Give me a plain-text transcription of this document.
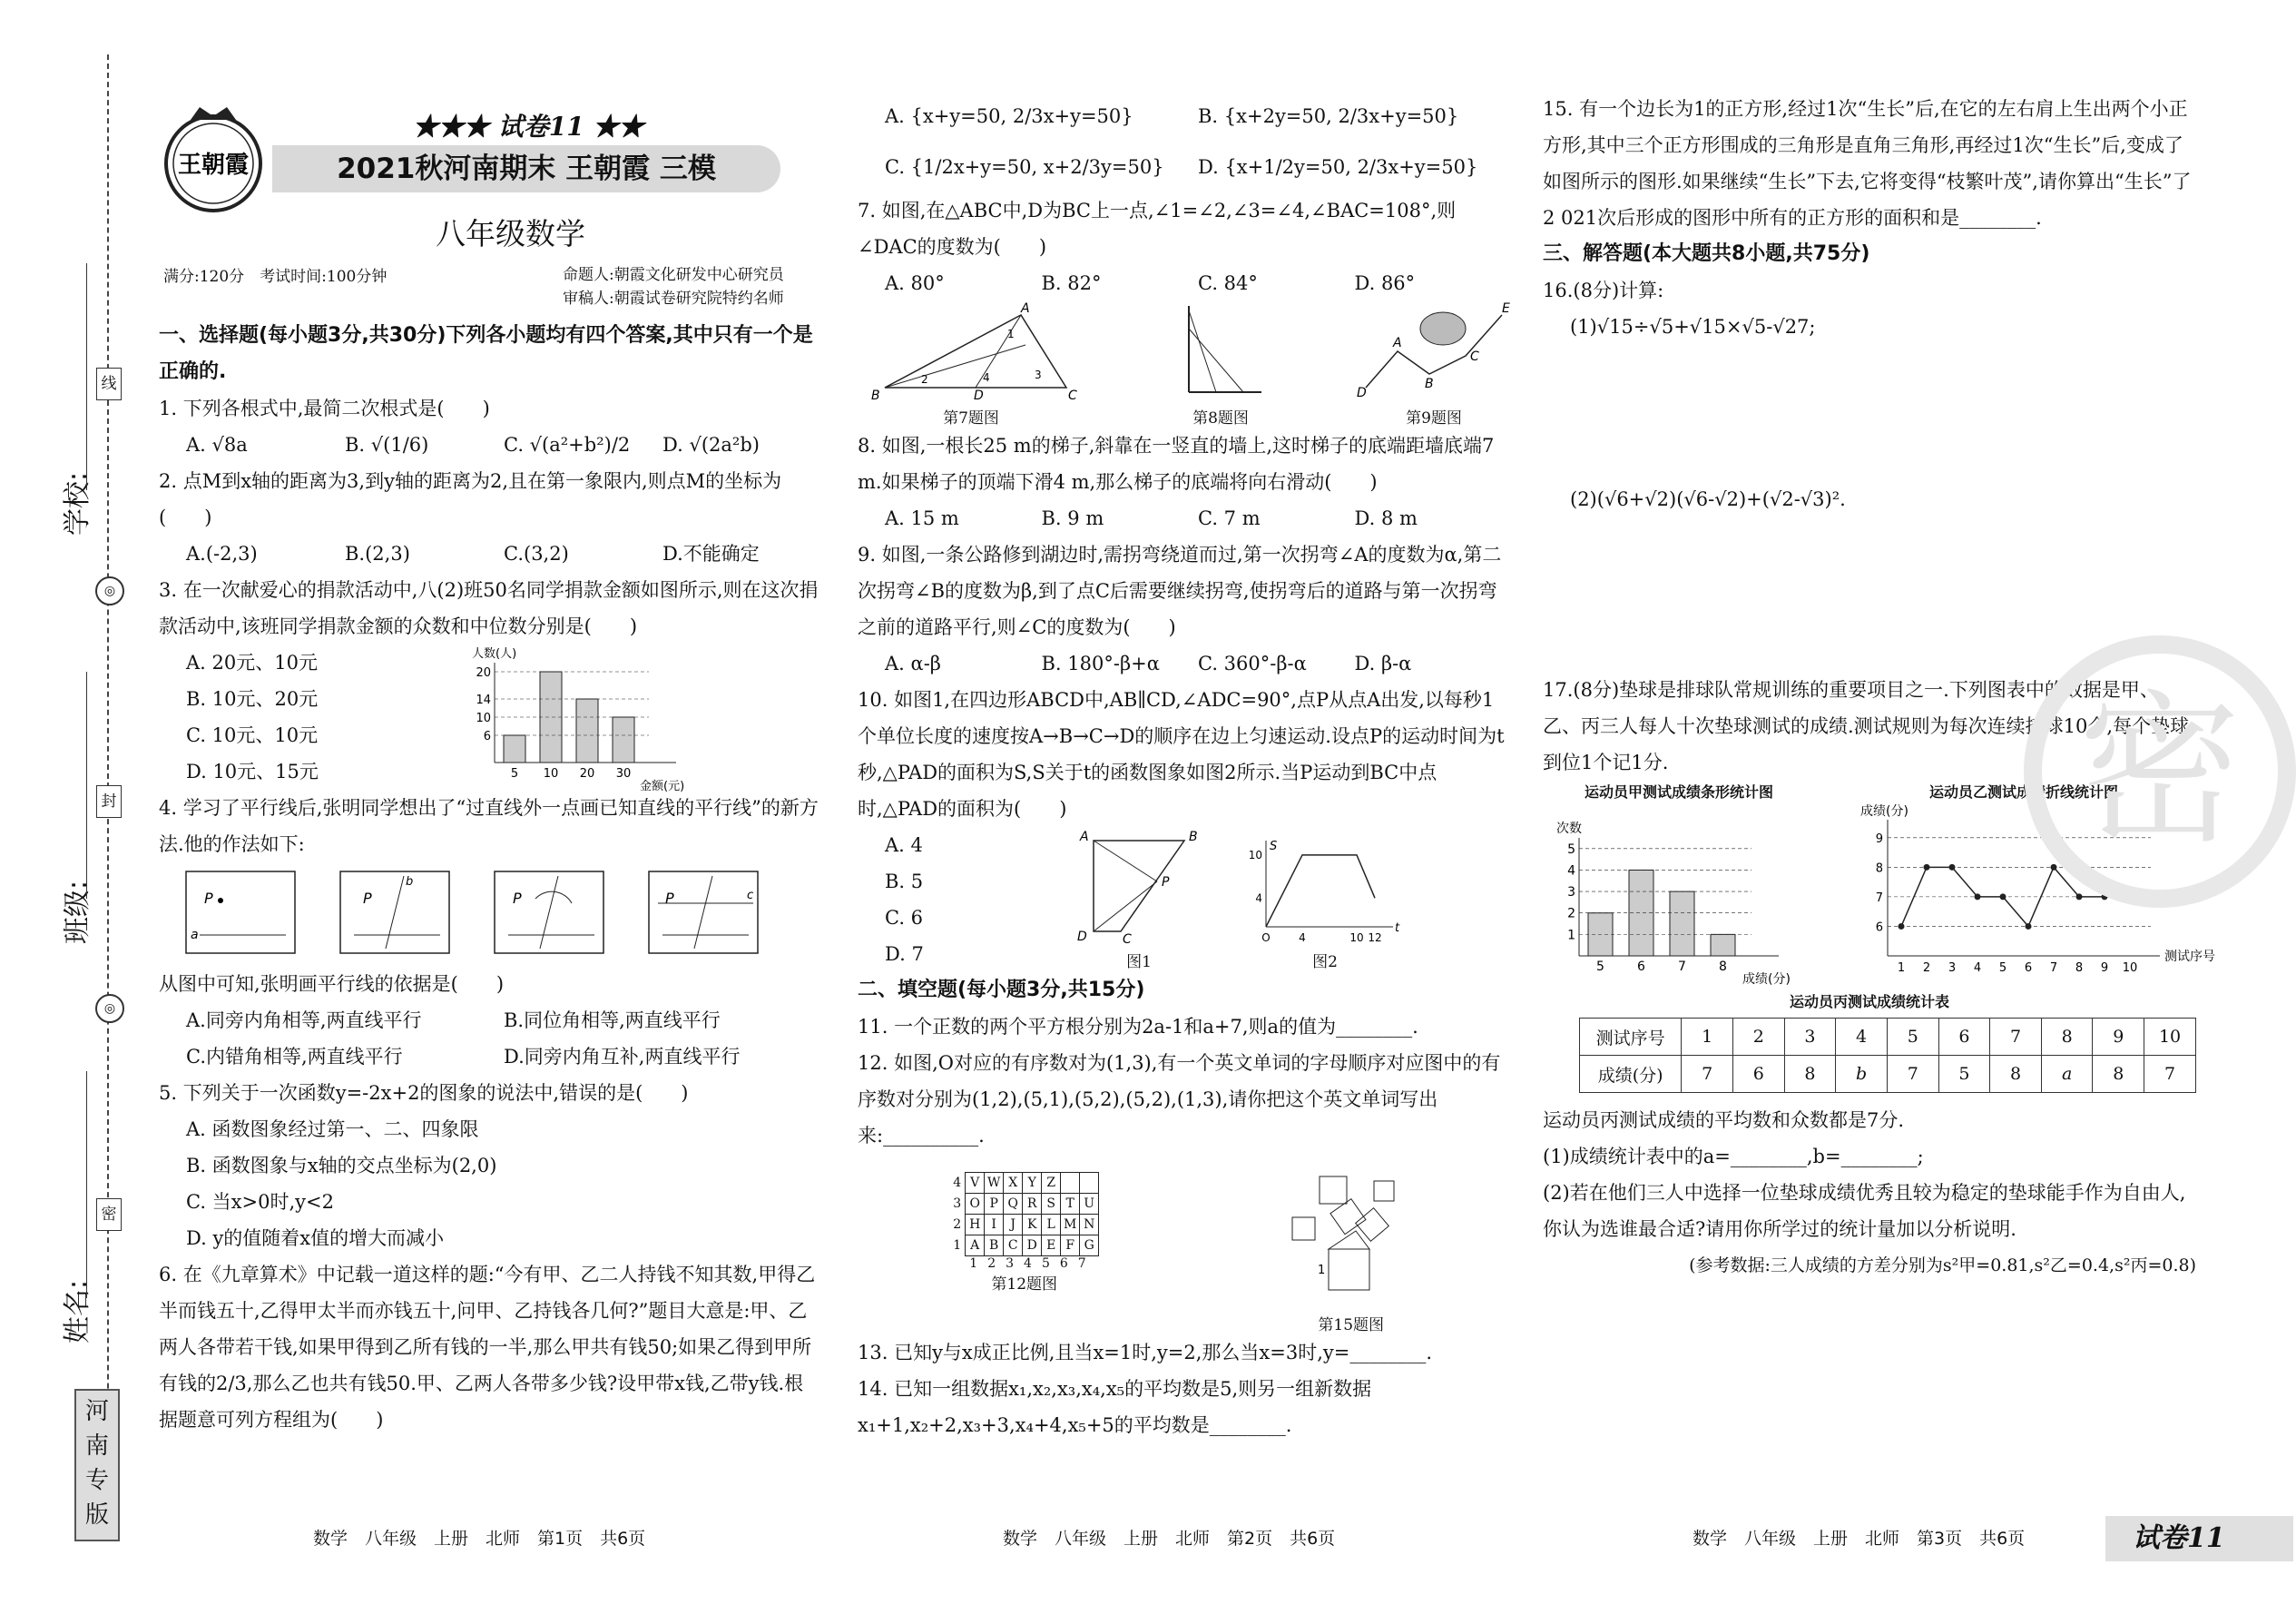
学校:
班级:
姓名:
线
◎
封
◎
密
河
南
专
版
王朝霞
★★★ 试卷11 ★★
2021秋河南期末 王朝霞 三模
八年级数学
满分:120分　 考试时间:100分钟	命题人:朝霞文化研发中心研究员
审稿人:朝霞试卷研究院特约名师

一、选择题(每小题3分,共30分)下列各小题均有四个答案,其中只有一个是正确的.

1. 下列各根式中,最简二次根式是(　　)

A. √8a	B. √(1/6)	C. √(a²+b²)/2	D. √(2a²b)

2. 点M到x轴的距离为3,到y轴的距离为2,且在第一象限内,则点M的坐标为(　　)

A.(-2,3)	B.(2,3)	C.(3,2)	D.不能确定

3. 在一次献爱心的捐款活动中,八(2)班50名同学捐款金额如图所示,则在这次捐款活动中,该班同学捐款金额的众数和中位数分别是(　　)

A. 20元、10元
B. 10元、20元
C. 10元、10元
D. 10元、15元
人数(人)
金额(元)
5 10 20 30
6
10
14
20

4. 学习了平行线后,张明同学想出了“过直线外一点画已知直线的平行线”的新方法.他的作法如下:

P
a
P
b
P	P	c

从图中可知,张明画平行线的依据是(　　)

A.同旁内角相等,两直线平行	B.同位角相等,两直线平行
C.内错角相等,两直线平行	D.同旁内角互补,两直线平行

5. 下列关于一次函数y=-2x+2的图象的说法中,错误的是(　　)

A. 函数图象经过第一、二、四象限
B. 函数图象与x轴的交点坐标为(2,0)
C. 当x>0时,y<2
D. y的值随着x值的增大而减小

6. 在《九章算术》中记载一道这样的题:“今有甲、乙二人持钱不知其数,甲得乙半而钱五十,乙得甲太半而亦钱五十,问甲、乙持钱各几何?”题目大意是:甲、乙两人各带若干钱,如果甲得到乙所有钱的一半,那么甲共有钱50;如果乙得到甲所有钱的2/3,那么乙也共有钱50.甲、乙两人各带多少钱?设甲带x钱,乙带y钱.根据题意可列方程组为(　　)

A. {x+y=50, 2/3x+y=50}	B. {x+2y=50, 2/3x+y=50}
C. {1/2x+y=50, x+2/3y=50}	D. {x+1/2y=50, 2/3x+y=50}

7. 如图,在△ABC中,D为BC上一点,∠1=∠2,∠3=∠4,∠BAC=108°,则∠DAC的度数为(　　)

A. 80°	B. 82°	C. 84°	D. 86°
A
B	D	C
2
1
4	3
第7题图	第8题图
D
A
B
C
E
第9题图

8. 如图,一根长25 m的梯子,斜靠在一竖直的墙上,这时梯子的底端距墙底端7 m.如果梯子的顶端下滑4 m,那么梯子的底端将向右滑动(　　)

A. 15 m	B. 9 m	C. 7 m	D. 8 m

9. 如图,一条公路修到湖边时,需拐弯绕道而过,第一次拐弯∠A的度数为α,第二次拐弯∠B的度数为β,到了点C后需要继续拐弯,使拐弯后的道路与第一次拐弯之前的道路平行,则∠C的度数为(　　)

A. α-β	B. 180°-β+α	C. 360°-β-α	D. β-α

10. 如图1,在四边形ABCD中,AB∥CD,∠ADC=90°,点P从点A出发,以每秒1个单位长度的速度按A→B→C→D的顺序在边上匀速运动.设点P的运动时间为t秒,△PAD的面积为S,S关于t的函数图象如图2所示.当P运动到BC中点时,△PAD的面积为(　　)

A. 4
B. 5
C. 6
D. 7
A	B
P
C
D
图1
t
S
O	4	10 12
4
10
图2

二、填空题(每小题3分,共15分)

11. 一个正数的两个平方根分别为2a-1和a+7,则a的值为________.

12. 如图,O对应的有序数对为(1,3),有一个英文单词的字母顺序对应图中的有序数对分别为(1,2),(5,1),(5,2),(5,2),(1,3),请你把这个英文单词写出来:__________.

4	V	W	X	Y	Z		
3	O	P	Q	R	S	T	U
2	H	I	J	K	L	M	N
1	A	B	C	D	E	F	G
1234567
第12题图
1
第15题图

13. 已知y与x成正比例,且当x=1时,y=2,那么当x=3时,y=________.

14. 已知一组数据x₁,x₂,x₃,x₄,x₅的平均数是5,则另一组新数据x₁+1,x₂+2,x₃+3,x₄+4,x₅+5的平均数是________.

15. 有一个边长为1的正方形,经过1次“生长”后,在它的左右肩上生出两个小正方形,其中三个正方形围成的三角形是直角三角形,再经过1次“生长”后,变成了如图所示的图形.如果继续“生长”下去,它将变得“枝繁叶茂”,请你算出“生长”了2 021次后形成的图形中所有的正方形的面积和是________.

三、解答题(本大题共8小题,共75分)

16.(8分)计算:

(1)√15÷√5+√15×√5-√27;

(2)(√6+√2)(√6-√2)+(√2-√3)².

17.(8分)垫球是排球队常规训练的重要项目之一.下列图表中的数据是甲、乙、丙三人每人十次垫球测试的成绩.测试规则为每次连续接球10个,每个垫球到位1个记1分.

运动员甲测试成绩条形统计图
次数
成绩(分)
5	6	7	8
1
2
3
4
5
运动员乙测试成绩折线统计图
成绩(分)
测试序号
6
7
8
9
1 2 3 4 5 6 7 8 9 10
运动员丙测试成绩统计表
测试序号	1	2	3	4	5	6	7	8	9	10
成绩(分)	7	6	8	b	7	5	8	a	8	7

运动员丙测试成绩的平均数和众数都是7分.

(1)成绩统计表中的a=________,b=________;

(2)若在他们三人中选择一位垫球成绩优秀且较为稳定的垫球能手作为自由人,你认为选谁最合适?请用你所学过的统计量加以分析说明.

(参考数据:三人成绩的方差分别为s²甲=0.81,s²乙=0.4,s²丙=0.8)

密
数学　八年级　上册　北师　第1页　共6页	数学　八年级　上册　北师　第2页　共6页	数学　八年级　上册　北师　第3页　共6页	试卷11
